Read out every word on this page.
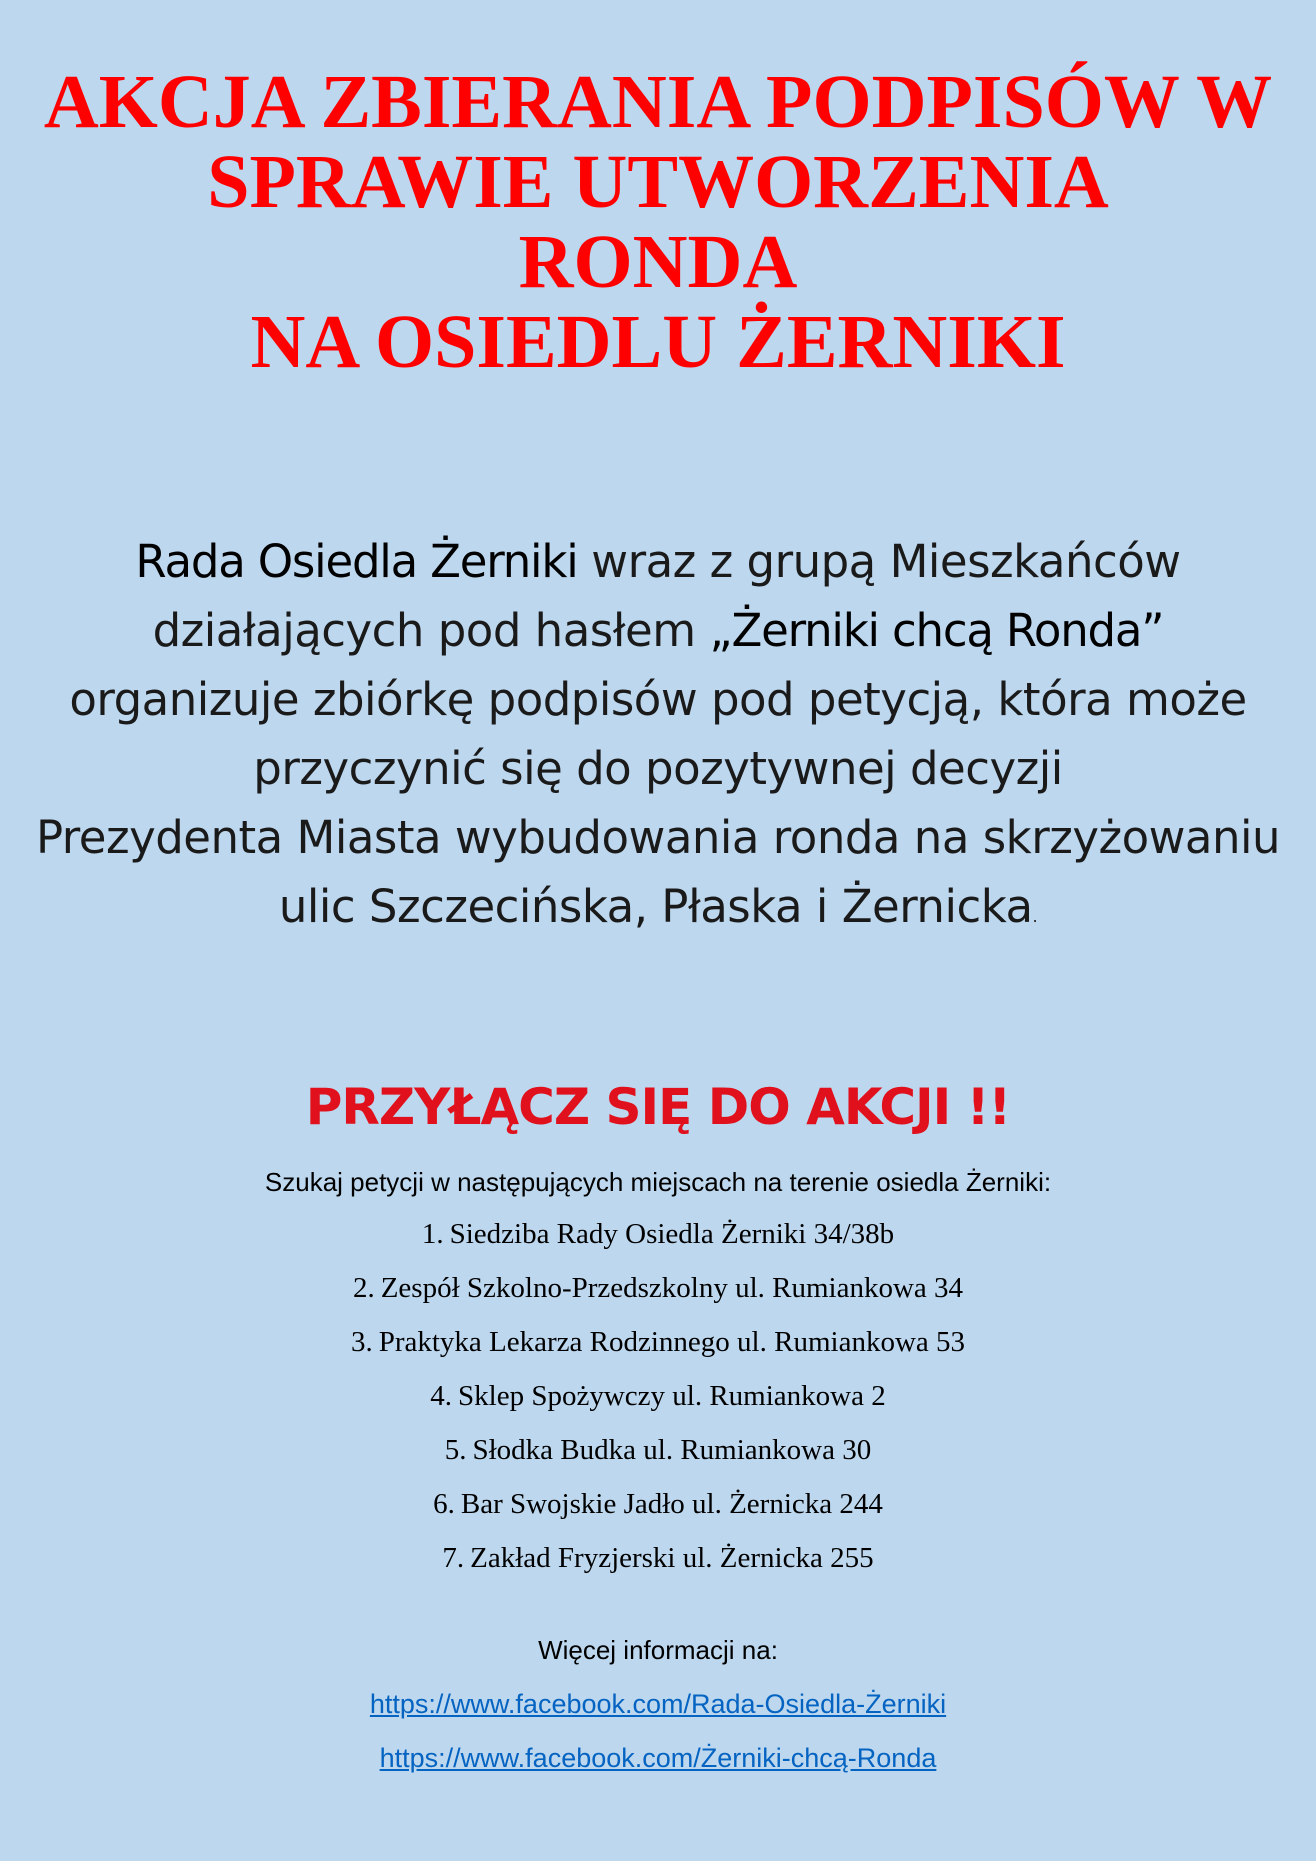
AKCJA ZBIERANIA PODPISÓW W
SPRAWIE UTWORZENIA
RONDA
NA OSIEDLU ŻERNIKI
Rada Osiedla Żerniki wraz z grupą Mieszkańców
działających pod hasłem „Żerniki chcą Ronda”
organizuje zbiórkę podpisów pod petycją, która może
przyczynić się do pozytywnej decyzji
Prezydenta Miasta wybudowania ronda na skrzyżowaniu
ulic Szczecińska, Płaska i Żernicka.
PRZYŁĄCZ SIĘ DO AKCJI !!
Szukaj petycji w następujących miejscach na terenie osiedla Żerniki:
1. Siedziba Rady Osiedla Żerniki 34/38b
2. Zespół Szkolno-Przedszkolny ul. Rumiankowa 34
3. Praktyka Lekarza Rodzinnego ul. Rumiankowa 53
4. Sklep Spożywczy ul. Rumiankowa 2
5. Słodka Budka ul. Rumiankowa 30
6. Bar Swojskie Jadło ul. Żernicka 244
7. Zakład Fryzjerski ul. Żernicka 255
Więcej informacji na:
https://www.facebook.com/Rada-Osiedla-Żerniki
https://www.facebook.com/Żerniki-chcą-Ronda
